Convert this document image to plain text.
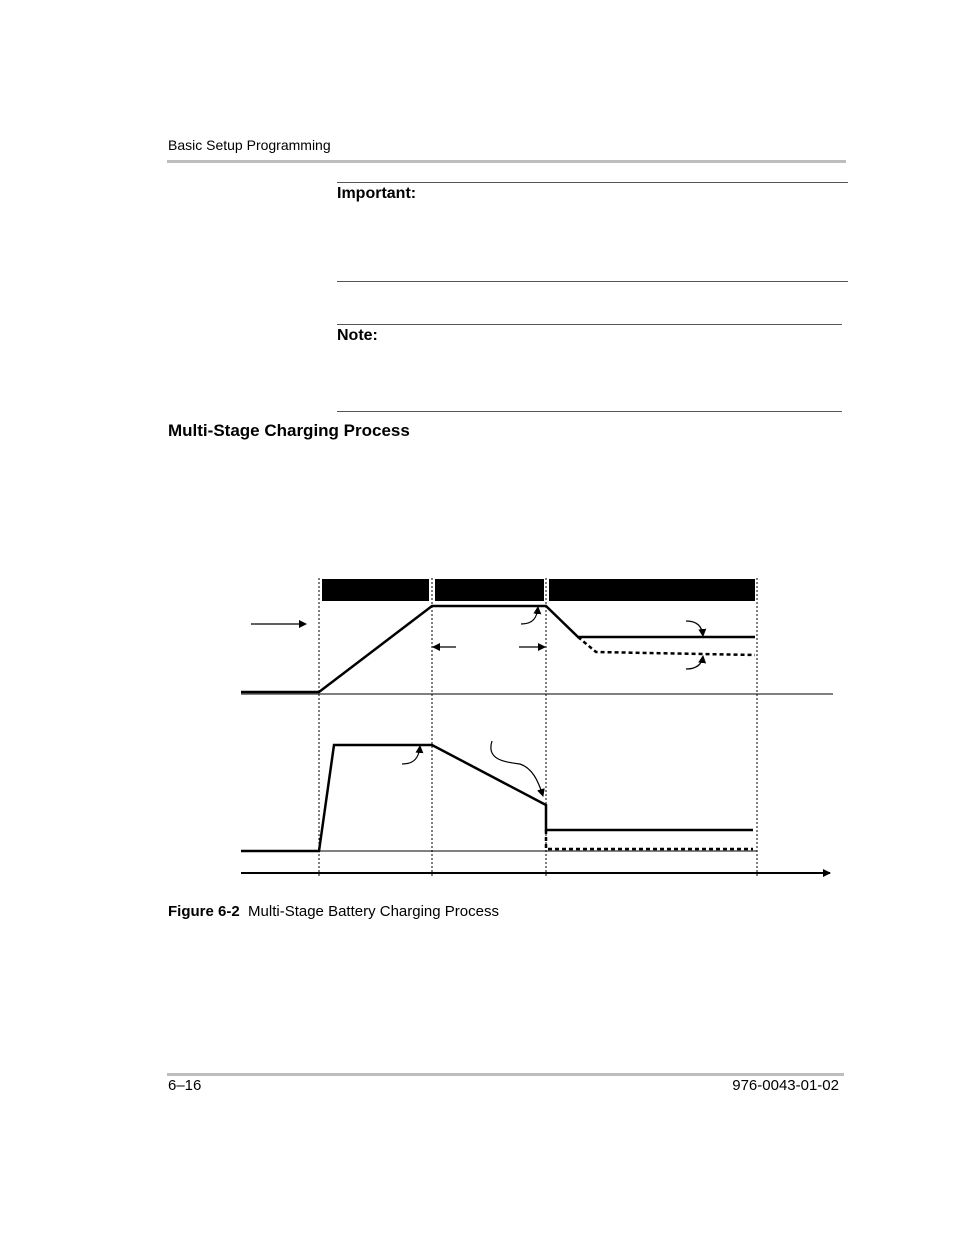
Basic Setup Programming
Important:
Note:
Multi-Stage Charging Process
Figure 6-2 Multi-Stage Battery Charging Process
6–16	976-0043-01-02
